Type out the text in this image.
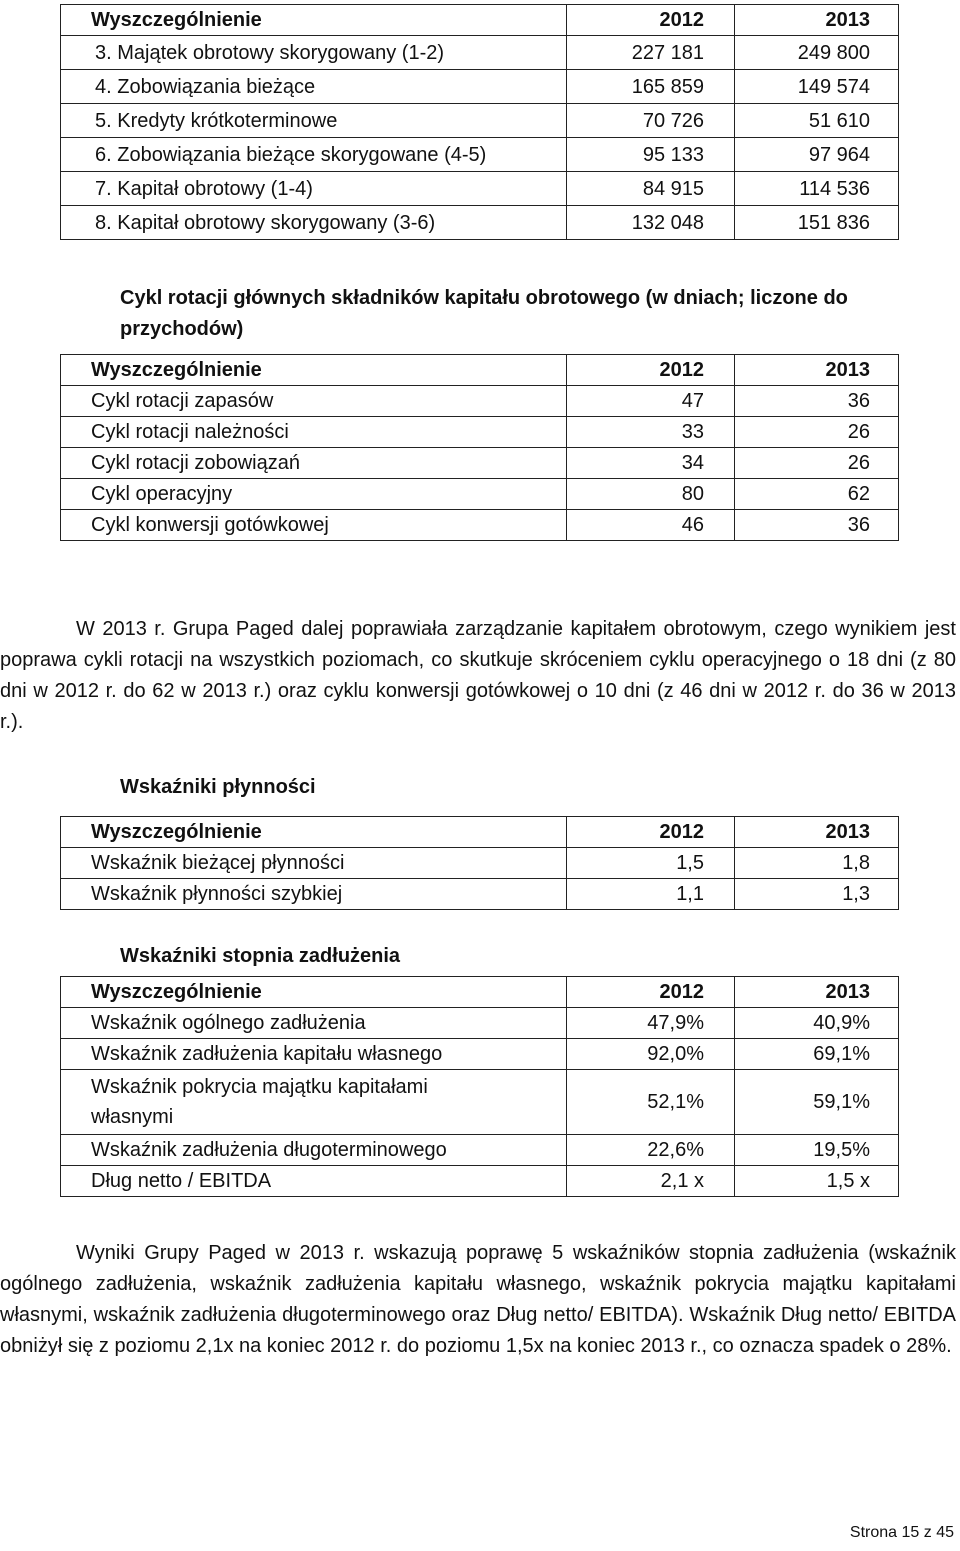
Wyszczególnienie	2012	2013
3. Majątek obrotowy skorygowany (1-2)	227 181	249 800
4. Zobowiązania bieżące	165 859	149 574
5. Kredyty krótkoterminowe	70 726	51 610
6. Zobowiązania bieżące skorygowane (4-5)	95 133	97 964
7. Kapitał obrotowy (1-4)	84 915	114 536
8. Kapitał obrotowy skorygowany (3-6)	132 048	151 836
Cykl rotacji głównych składników kapitału obrotowego (w dniach; liczone do przychodów)
Wyszczególnienie	2012	2013
Cykl rotacji zapasów	47	36
Cykl rotacji należności	33	26
Cykl rotacji zobowiązań	34	26
Cykl operacyjny	80	62
Cykl konwersji gotówkowej	46	36

W 2013 r. Grupa Paged dalej poprawiała zarządzanie kapitałem obrotowym, czego wynikiem jest poprawa cykli rotacji na wszystkich poziomach, co skutkuje skróceniem cyklu operacyjnego o 18 dni (z 80 dni w 2012 r. do 62 w 2013 r.) oraz cyklu konwersji gotówkowej o 10 dni (z 46 dni w 2012 r. do 36 w 2013 r.).

Wskaźniki płynności
Wyszczególnienie	2012	2013
Wskaźnik bieżącej płynności	1,5	1,8
Wskaźnik płynności szybkiej	1,1	1,3
Wskaźniki stopnia zadłużenia
Wyszczególnienie	2012	2013
Wskaźnik ogólnego zadłużenia	47,9%	40,9%
Wskaźnik zadłużenia kapitału własnego	92,0%	69,1%
Wskaźnik pokrycia majątku kapitałami własnymi	52,1%	59,1%
Wskaźnik zadłużenia długoterminowego	22,6%	19,5%
Dług netto / EBITDA	2,1 x	1,5 x

Wyniki Grupy Paged w 2013 r. wskazują poprawę 5 wskaźników stopnia zadłużenia (wskaźnik ogólnego zadłużenia, wskaźnik zadłużenia kapitału własnego, wskaźnik pokrycia majątku kapitałami własnymi, wskaźnik zadłużenia długoterminowego oraz Dług netto/ EBITDA). Wskaźnik Dług netto/ EBITDA obniżył się z poziomu 2,1x na koniec 2012 r. do poziomu 1,5x na koniec 2013 r., co oznacza spadek o 28%.

Strona 15 z 45
